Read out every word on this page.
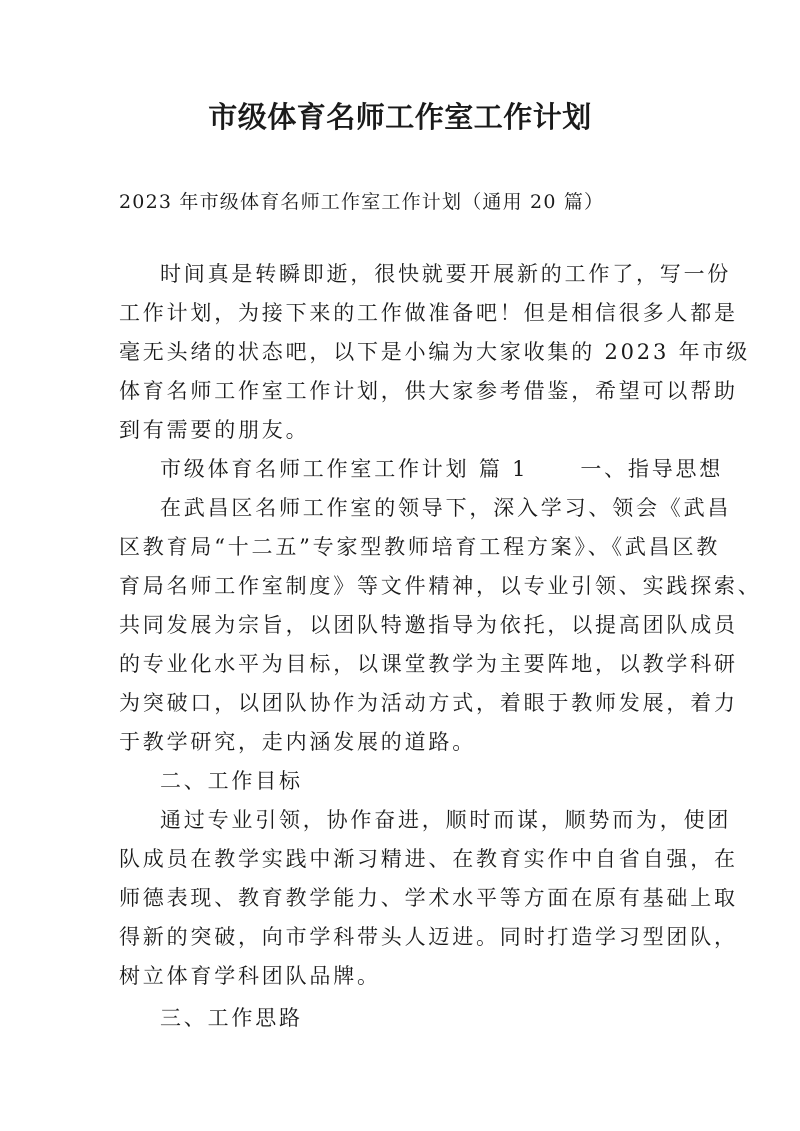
市级体育名师工作室工作计划
2023 年市级体育名师工作室工作计划（通用 20 篇）
时间真是转瞬即逝，很快就要开展新的工作了，写一份
工作计划，为接下来的工作做准备吧！但是相信很多人都是
毫无头绪的状态吧，以下是小编为大家收集的 2023 年市级
体育名师工作室工作计划，供大家参考借鉴，希望可以帮助
到有需要的朋友。
市级体育名师工作室工作计划 篇 1 一、指导思想
在武昌区名师工作室的领导下，深入学习、领会《武昌
区教育局“十二五”专家型教师培育工程方案》、《武昌区教
育局名师工作室制度》等文件精神，以专业引领、实践探索、
共同发展为宗旨，以团队特邀指导为依托，以提高团队成员
的专业化水平为目标，以课堂教学为主要阵地，以教学科研
为突破口，以团队协作为活动方式，着眼于教师发展，着力
于教学研究，走内涵发展的道路。
二、工作目标
通过专业引领，协作奋进，顺时而谋，顺势而为，使团
队成员在教学实践中渐习精进、在教育实作中自省自强，在
师德表现、教育教学能力、学术水平等方面在原有基础上取
得新的突破，向市学科带头人迈进。同时打造学习型团队，
树立体育学科团队品牌。
三、工作思路
